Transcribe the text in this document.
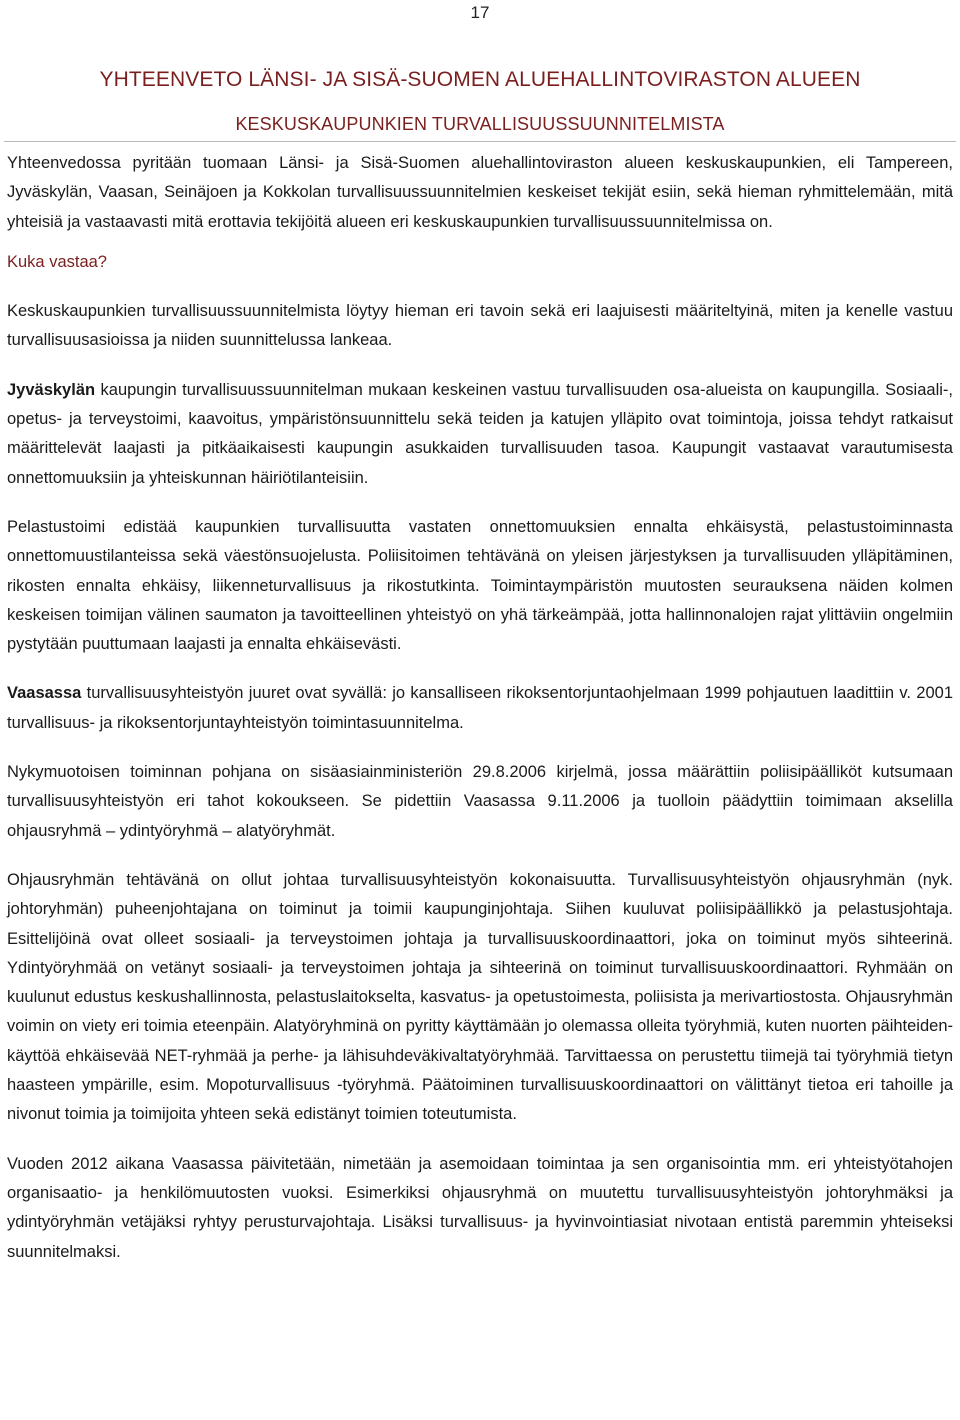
17
YHTEENVETO LÄNSI- JA SISÄ-SUOMEN ALUEHALLINTOVIRASTON ALUEEN
KESKUSKAUPUNKIEN TURVALLISUUSSUUNNITELMISTA

Yhteenvedossa pyritään tuomaan Länsi- ja Sisä-Suomen aluehallintoviraston alueen keskuskaupunkien, eli Tampereen, Jyväskylän, Vaasan, Seinäjoen ja Kokkolan turvallisuussuunnitelmien keskeiset tekijät esiin, sekä hieman ryhmittelemään, mitä yhteisiä ja vastaavasti mitä erottavia tekijöitä alueen eri keskuskaupunkien turvallisuussuunnitelmissa on.

Kuka vastaa?

Keskuskaupunkien turvallisuussuunnitelmista löytyy hieman eri tavoin sekä eri laajuisesti määriteltyinä, miten ja kenelle vastuu turvallisuusasioissa ja niiden suunnittelussa lankeaa.

Jyväskylän kaupungin turvallisuussuunnitelman mukaan keskeinen vastuu turvallisuuden osa-alueista on kaupungilla. Sosiaali-, opetus- ja terveystoimi, kaavoitus, ympäristönsuunnittelu sekä teiden ja katujen ylläpito ovat toimintoja, joissa tehdyt ratkaisut määrittelevät laajasti ja pitkäaikaisesti kaupungin asukkaiden turvallisuuden tasoa. Kaupungit vastaavat varautumisesta onnettomuuksiin ja yhteiskunnan häiriötilanteisiin.

Pelastustoimi edistää kaupunkien turvallisuutta vastaten onnettomuuksien ennalta ehkäisystä, pelastustoiminnasta onnettomuustilanteissa sekä väestönsuojelusta. Poliisitoimen tehtävänä on yleisen järjestyksen ja turvallisuuden ylläpitäminen, rikosten ennalta ehkäisy, liikenneturvallisuus ja rikostutkinta. Toimintaympäristön muutosten seurauksena näiden kolmen keskeisen toimijan välinen saumaton ja tavoitteellinen yhteistyö on yhä tärkeämpää, jotta hallinnonalojen rajat ylittäviin ongelmiin pystytään puuttumaan laajasti ja ennalta ehkäisevästi.

Vaasassa turvallisuusyhteistyön juuret ovat syvällä: jo kansalliseen rikoksentorjuntaohjelmaan 1999 pohjautuen laadittiin v. 2001 turvallisuus- ja rikoksentorjuntayhteistyön toimintasuunnitelma.

Nykymuotoisen toiminnan pohjana on sisäasiainministeriön 29.8.2006 kirjelmä, jossa määrättiin poliisipäälliköt kutsumaan turvallisuusyhteistyön eri tahot kokoukseen. Se pidettiin Vaasassa 9.11.2006 ja tuolloin päädyttiin toimimaan akselilla ohjausryhmä – ydintyöryhmä – alatyöryhmät.

Ohjausryhmän tehtävänä on ollut johtaa turvallisuusyhteistyön kokonaisuutta. Turvallisuusyhteistyön ohjausryhmän (nyk. johtoryhmän) puheenjohtajana on toiminut ja toimii kaupunginjohtaja. Siihen kuuluvat poliisipäällikkö ja pelastusjohtaja. Esittelijöinä ovat olleet sosiaali- ja terveystoimen johtaja ja turvallisuuskoordinaattori, joka on toiminut myös sihteerinä. Ydintyöryhmää on vetänyt sosiaali- ja terveystoimen johtaja ja sihteerinä on toiminut turvallisuuskoordinaattori. Ryhmään on kuulunut edustus keskushallinnosta, pelastuslaitokselta, kasvatus- ja opetustoimesta, poliisista ja merivartiostosta. Ohjausryhmän voimin on viety eri toimia eteenpäin. Alatyöryhminä on pyritty käyttämään jo olemassa olleita työryhmiä, kuten nuorten päihteiden-käyttöä ehkäisevää NET-ryhmää ja perhe- ja lähisuhdeväkivaltatyöryhmää. Tarvittaessa on perustettu tiimejä tai työryhmiä tietyn haasteen ympärille, esim. Mopoturvallisuus -työryhmä. Päätoiminen turvallisuuskoordinaattori on välittänyt tietoa eri tahoille ja nivonut toimia ja toimijoita yhteen sekä edistänyt toimien toteutumista.

Vuoden 2012 aikana Vaasassa päivitetään, nimetään ja asemoidaan toimintaa ja sen organisointia mm. eri yhteistyötahojen organisaatio- ja henkilömuutosten vuoksi. Esimerkiksi ohjausryhmä on muutettu turvallisuusyhteistyön johtoryhmäksi ja ydintyöryhmän vetäjäksi ryhtyy perusturvajohtaja. Lisäksi turvallisuus- ja hyvinvointiasiat nivotaan entistä paremmin yhteiseksi suunnitelmaksi.
